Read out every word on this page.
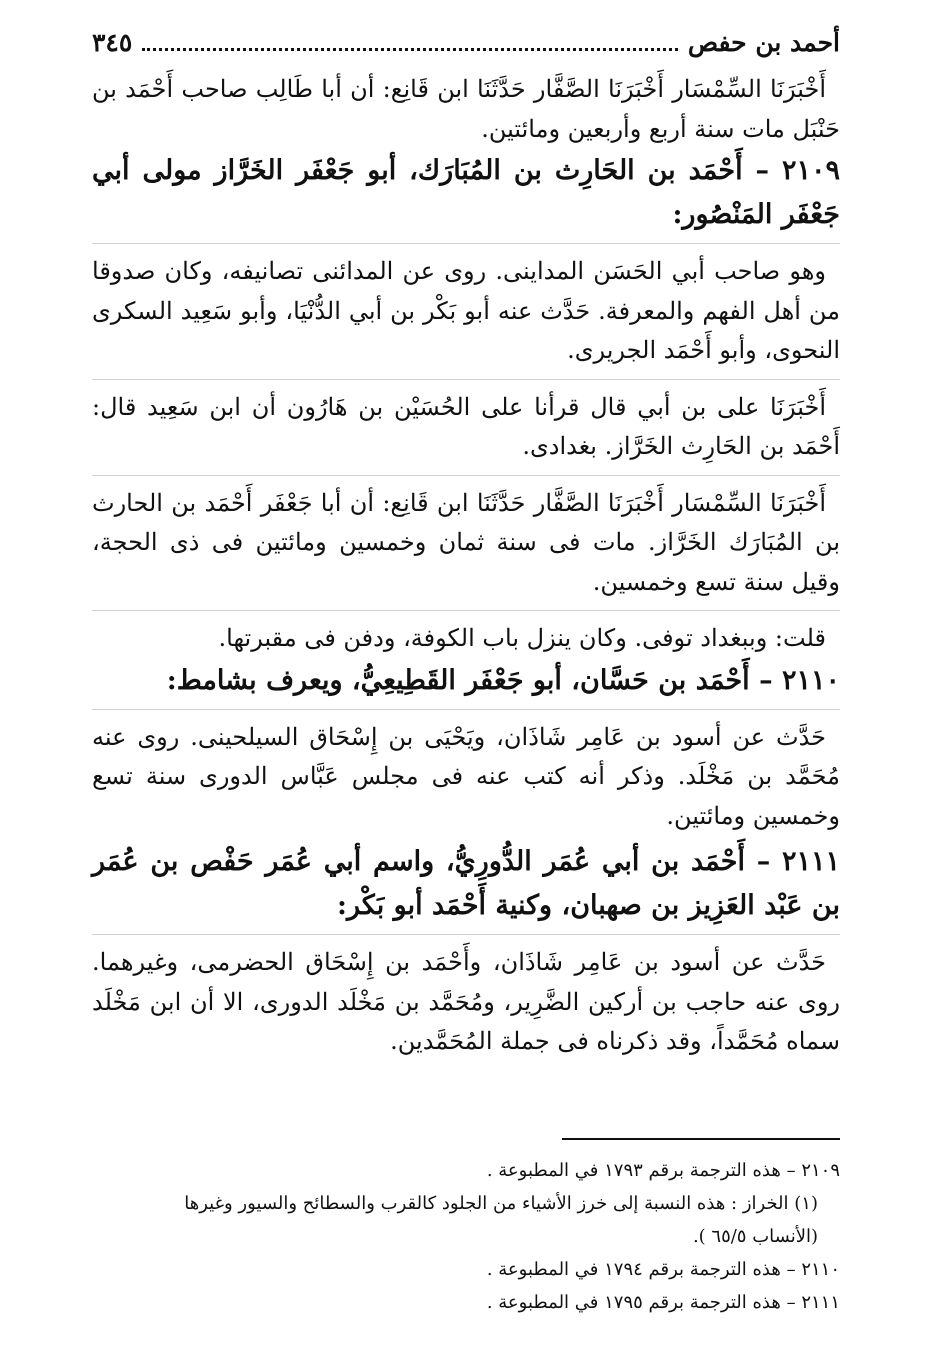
أحمد بن حفص
٣٤٥

أَخْبَرَنَا السِّمْسَار أَخْبَرَنَا الصَّفَّار حَدَّثَنَا ابن قَانِع: أن أبا طَالِب صاحب أَحْمَد بن حَنْبَل مات سنة أربع وأربعين ومائتين.

٢١٠٩ – أَحْمَد بن الحَارِث بن المُبَارَك، أبو جَعْفَر الخَرَّاز مولى أبي جَعْفَر المَنْصُور:

وهو صاحب أبي الحَسَن المداينى. روى عن المدائنى تصانيفه، وكان صدوقا من أهل الفهم والمعرفة. حَدَّث عنه أبو بَكْر بن أبي الدُّنْيَا، وأبو سَعِيد السكرى النحوى، وأبو أَحْمَد الجريرى.

أَخْبَرَنَا على بن أبي قال قرأنا على الحُسَيْن بن هَارُون أن ابن سَعِيد قال: أَحْمَد بن الحَارِث الخَرَّاز. بغدادى.

أَخْبَرَنَا السِّمْسَار أَخْبَرَنَا الصَّفَّار حَدَّثَنَا ابن قَانِع: أن أبا جَعْفَر أَحْمَد بن الحارث بن المُبَارَك الخَرَّاز. مات فى سنة ثمان وخمسين ومائتين فى ذى الحجة، وقيل سنة تسع وخمسين.

قلت: وببغداد توفى. وكان ينزل باب الكوفة، ودفن فى مقبرتها.

٢١١٠ – أَحْمَد بن حَسَّان، أبو جَعْفَر القَطِيعِيُّ، ويعرف بشامط:

حَدَّث عن أسود بن عَامِر شَاذَان، ويَحْيَى بن إِسْحَاق السيلحينى. روى عنه مُحَمَّد بن مَخْلَد. وذكر أنه كتب عنه فى مجلس عَبَّاس الدورى سنة تسع وخمسين ومائتين.

٢١١١ – أَحْمَد بن أبي عُمَر الدُّورِيُّ، واسم أبي عُمَر حَفْص بن عُمَر بن عَبْد العَزِيز بن صهبان، وكنية أَحْمَد أبو بَكْر:

حَدَّث عن أسود بن عَامِر شَاذَان، وأَحْمَد بن إِسْحَاق الحضرمى، وغيرهما. روى عنه حاجب بن أركين الضَّرِير، ومُحَمَّد بن مَخْلَد الدورى، الا أن ابن مَخْلَد سماه مُحَمَّداً، وقد ذكرناه فى جملة المُحَمَّدين.

٢١٠٩ – هذه الترجمة برقم ١٧٩٣ في المطبوعة .

(١) الخراز : هذه النسبة إلى خرز الأشياء من الجلود كالقرب والسطائح والسيور وغيرها

(الأنساب ٦٥/٥ ).

٢١١٠ – هذه الترجمة برقم ١٧٩٤ في المطبوعة .

٢١١١ – هذه الترجمة برقم ١٧٩٥ في المطبوعة .
